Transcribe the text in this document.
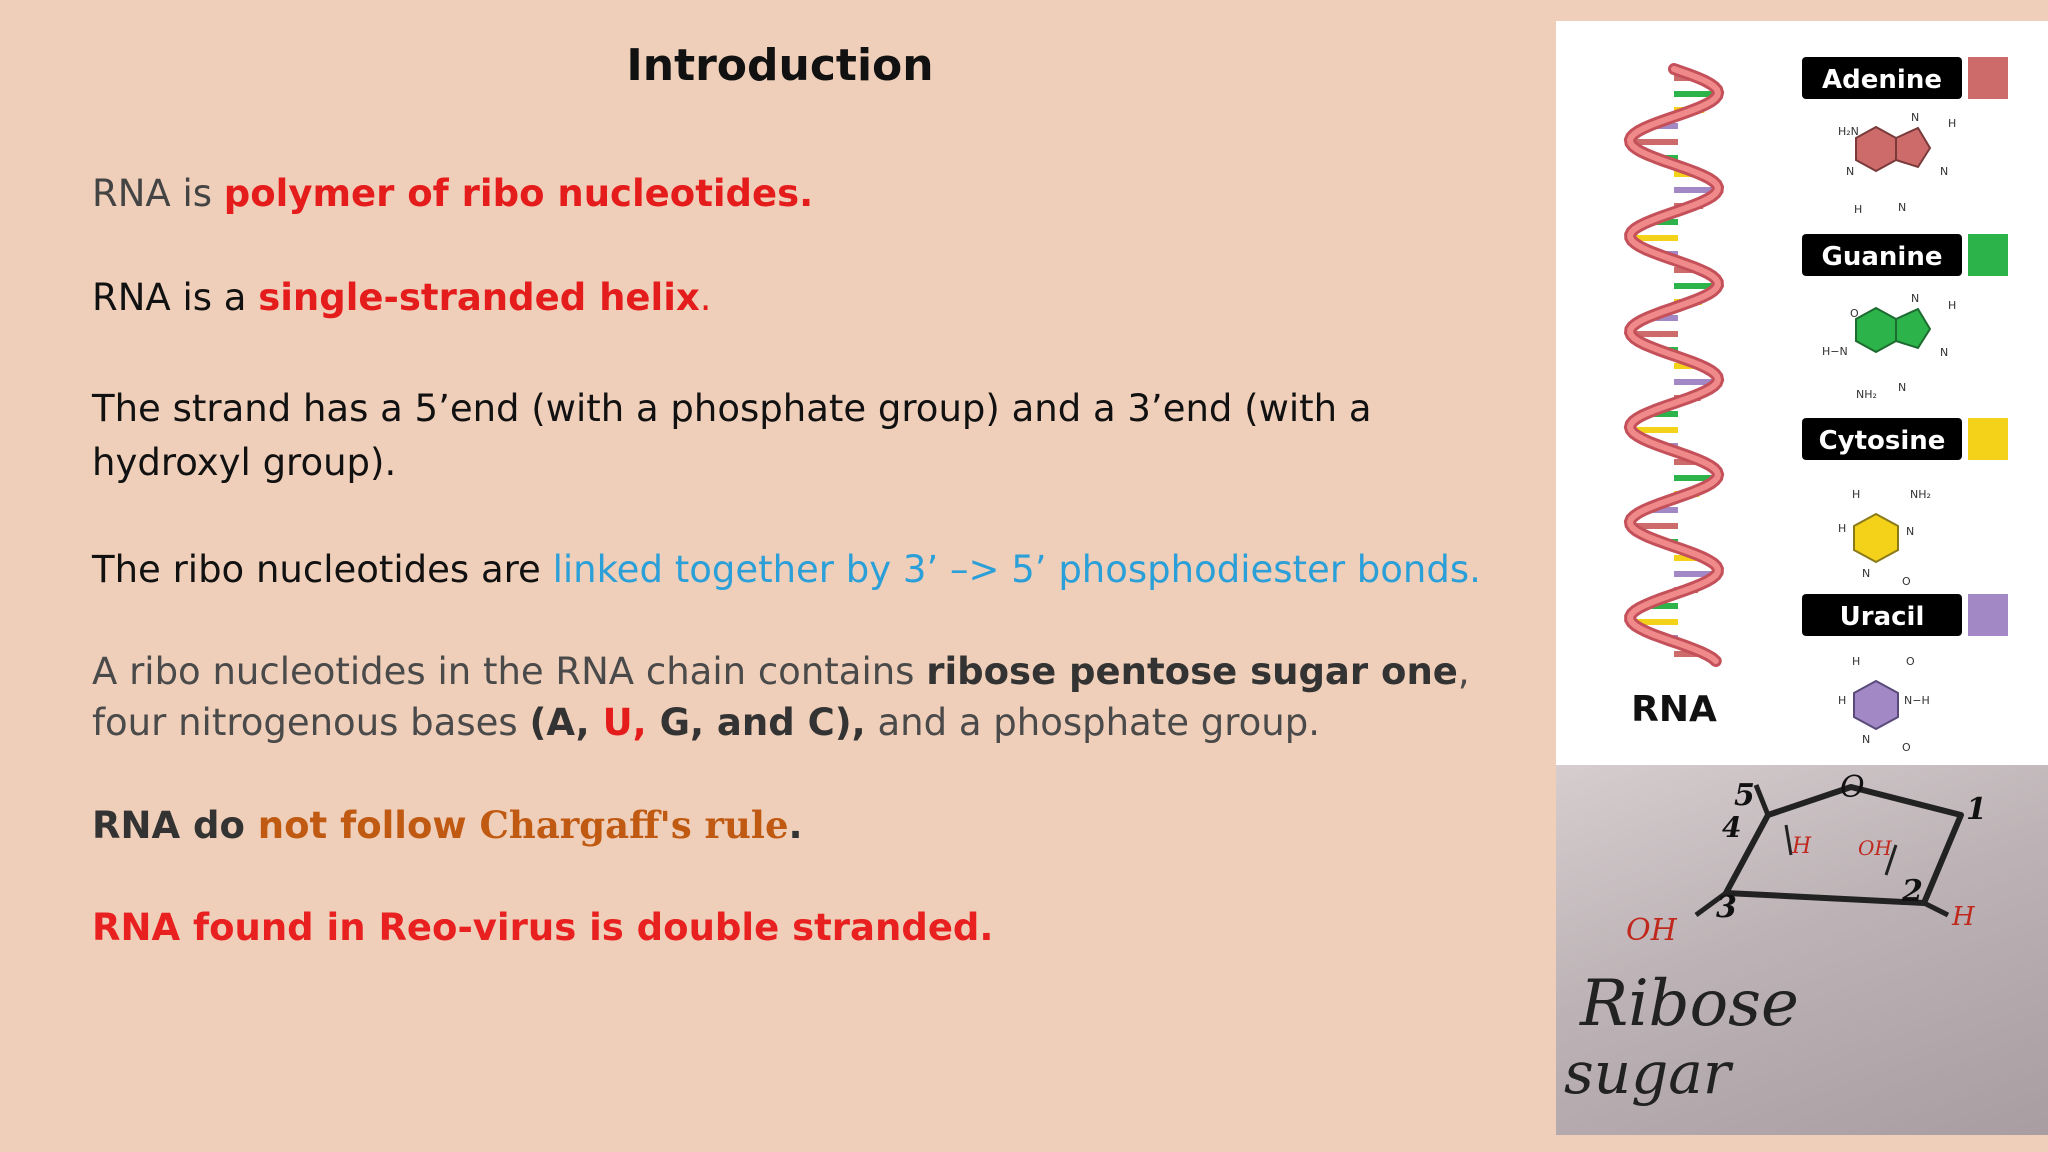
Introduction

RNA is polymer of ribo nucleotides.

RNA is a single-stranded helix.

The strand has a 5’end (with a phosphate group) and a 3’end (with a hydroxyl group).

The ribo nucleotides are linked together by 3’ –> 5’ phosphodiester bonds.

A ribo nucleotides in the RNA chain contains ribose pentose sugar one, four nitrogenous bases (A, U, G, and C), and a phosphate group.

RNA do not follow Chargaff's rule.

RNA found in Reo-virus is double stranded.

RNA
Adenine
Guanine
Cytosine
Uracil
H₂N
N	H
N	N
H	N
O
N
H
H−N	N
NH₂
N
H	NH₂
H	N
N
O
H	O
H	N−H
N
O
5
4
O
1
H OH
3	2
OH	H
Ribose
sugar
